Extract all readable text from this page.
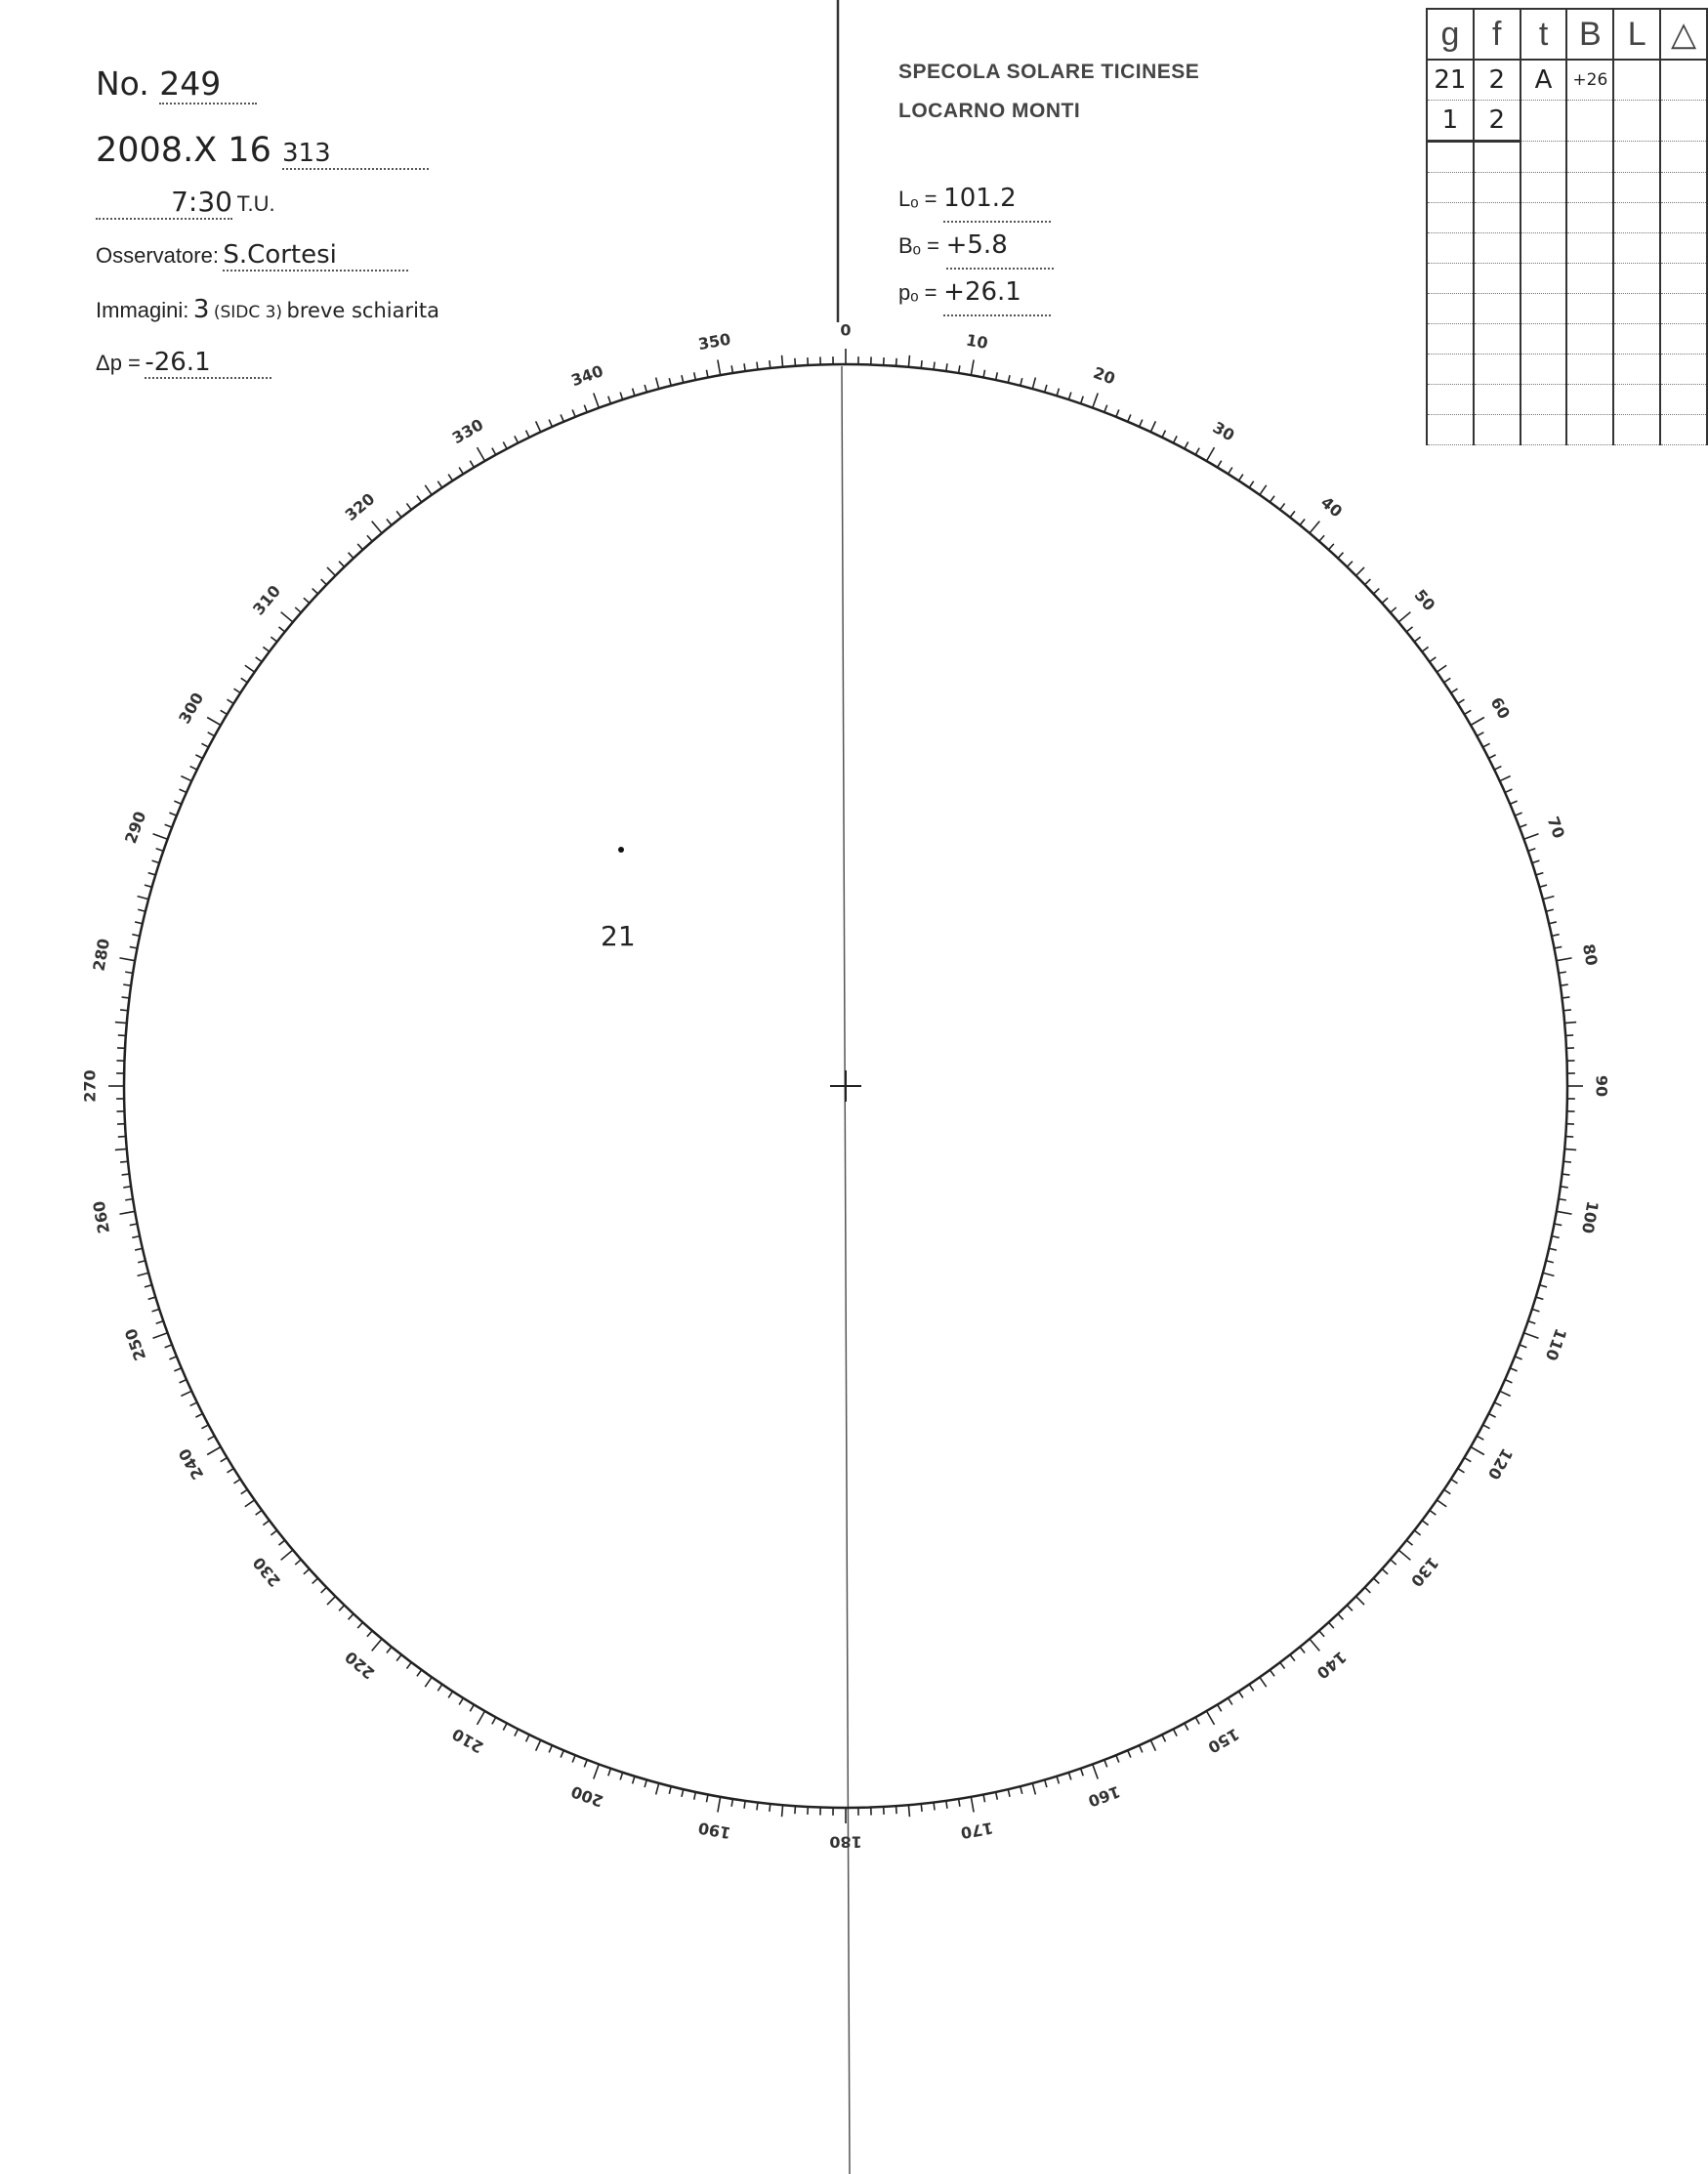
No. 249
2008.X 16 313
7:30 T.U.
Osservatore: S.Cortesi
Immagini: 3 (SIDC 3) breve schiarita
Δp = -26.1
SPECOLA SOLARE TICINESE
LOCARNO MONTI
Lₒ = 101.2
Bₒ = +5.8
pₒ = +26.1
0
10
20
30
40
50
60
70
80
90
100
110
120
130
140
150
160
170
180
190
200
210
220
230
240
250
260
270
280
290
300
310
320
330
340
350
21
g	f	t	B	L	△
21	2	A	+26		
1	2				
